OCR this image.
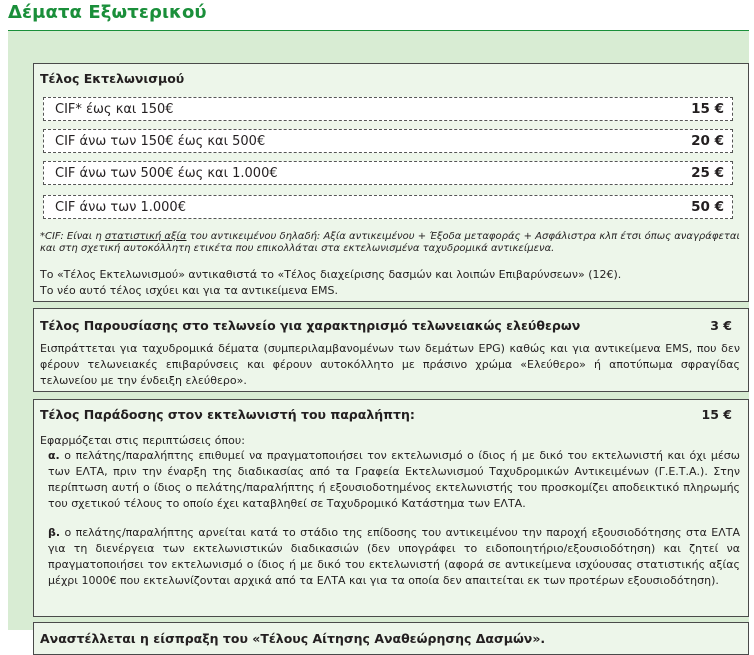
Δέματα Εξωτερικού
Τέλος Εκτελωνισμού
CIF* έως και 150€	15 €
CIF άνω των 150€ έως και 500€	20 €
CIF άνω των 500€ έως και 1.000€	25 €
CIF άνω των 1.000€	50 €
*CIF: Είναι η στατιστική αξία του αντικειμένου δηλαδή: Αξία αντικειμένου + Έξοδα μεταφοράς + Ασφάλιστρα κλπ έτσι όπως αναγράφεται και στη σχετική αυτοκόλλητη ετικέτα που επικολλάται στα εκτελωνισμένα ταχυδρομικά αντικείμενα.
Το «Τέλος Εκτελωνισμού» αντικαθιστά το «Τέλος διαχείρισης δασμών και λοιπών Επιβαρύνσεων» (12€).
Το νέο αυτό τέλος ισχύει και για τα αντικείμενα EMS.
Τέλος Παρουσίασης στο τελωνείο για χαρακτηρισμό τελωνειακώς ελεύθερων	3 €
Εισπράττεται για ταχυδρομικά δέματα (συμπεριλαμβανομένων των δεμάτων EPG) καθώς και για αντικείμενα EMS, που δεν φέρουν τελωνειακές επιβαρύνσεις και φέρουν αυτοκόλλητο με πράσινο χρώμα «Ελεύθερο» ή αποτύπωμα σφραγίδας τελωνείου με την ένδειξη ελεύθερο».
Τέλος Παράδοσης στον εκτελωνιστή του παραλήπτη:	15 €
Εφαρμόζεται στις περιπτώσεις όπου:
α. ο πελάτης/παραλήπτης επιθυμεί να πραγματοποιήσει τον εκτελωνισμό ο ίδιος ή με δικό του εκτελωνιστή και όχι μέσω των ΕΛΤΑ, πριν την έναρξη της διαδικασίας από τα Γραφεία Εκτελωνισμού Ταχυδρομικών Αντικειμένων (Γ.Ε.Τ.Α.). Στην περίπτωση αυτή ο ίδιος ο πελάτης/παραλήπτης ή εξουσιοδοτημένος εκτελωνιστής του προσκομίζει αποδεικτικό πληρωμής του σχετικού τέλους το οποίο έχει καταβληθεί σε Ταχυδρομικό Κατάστημα των ΕΛΤΑ.
β. ο πελάτης/παραλήπτης αρνείται κατά το στάδιο της επίδοσης του αντικειμένου την παροχή εξουσιοδότησης στα ΕΛΤΑ για τη διενέργεια των εκτελωνιστικών διαδικασιών (δεν υπογράφει το ειδοποιητήριο/εξουσιοδότηση) και ζητεί να πραγματοποιήσει τον εκτελωνισμό ο ίδιος ή με δικό του εκτελωνιστή (αφορά σε αντικείμενα ισχύουσας στατιστικής αξίας μέχρι 1000€ που εκτελωνίζονται αρχικά από τα ΕΛΤΑ και για τα οποία δεν απαιτείται εκ των προτέρων εξουσιοδότηση).
Αναστέλλεται η είσπραξη του «Τέλους Αίτησης Αναθεώρησης Δασμών».
